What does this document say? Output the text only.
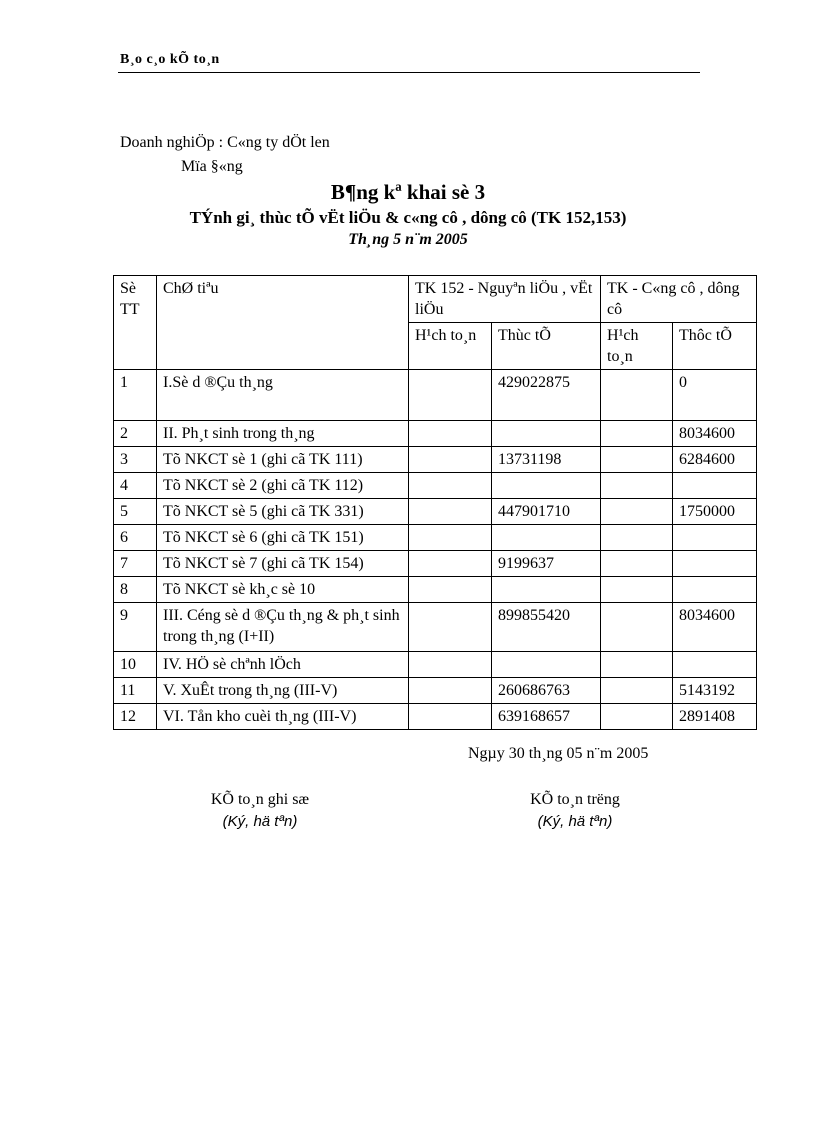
B¸o c¸o kÕ to¸n
Doanh nghiÖp : C«ng ty dÖt len
Mïa §«ng
B¶ng kª khai sè 3
TÝnh gi¸ thùc tÕ vËt liÖu & c«ng cô , dông cô (TK 152,153)
Th¸ng 5 n¨m 2005
Sè TT	ChØ tiªu	TK 152 - Nguyªn liÖu , vËt liÖu		TK - C«ng cô , dông cô	
		H¹ch to¸n	Thùc tÕ	H¹ch to¸n	Thôc tÕ
1	I.Sè d ®Çu th¸ng		429022875		0
2	II. Ph¸t sinh trong th¸ng				8034600
3	Tõ NKCT sè 1 (ghi cã TK 111)		13731198		6284600
4	Tõ NKCT sè 2 (ghi cã TK 112)				
5	Tõ NKCT sè 5 (ghi cã TK 331)		447901710		1750000
6	Tõ NKCT sè 6 (ghi cã TK 151)				
7	Tõ NKCT sè 7 (ghi cã TK 154)		9199637		
8	Tõ NKCT sè kh¸c sè 10				
9	III. Céng sè d ®Çu th¸ng & ph¸t sinh trong th¸ng (I+II)		899855420		8034600
10	IV. HÖ sè chªnh lÖch				
11	V. XuÊt trong th¸ng (III-V)		260686763		5143192
12	VI. Tån kho cuèi th¸ng (III-V)		639168657		2891408
Ngµy 30 th¸ng 05 n¨m 2005
KÕ to¸n ghi sæ
(Ký, hä tªn)
KÕ to¸n trëng
(Ký, hä tªn)
